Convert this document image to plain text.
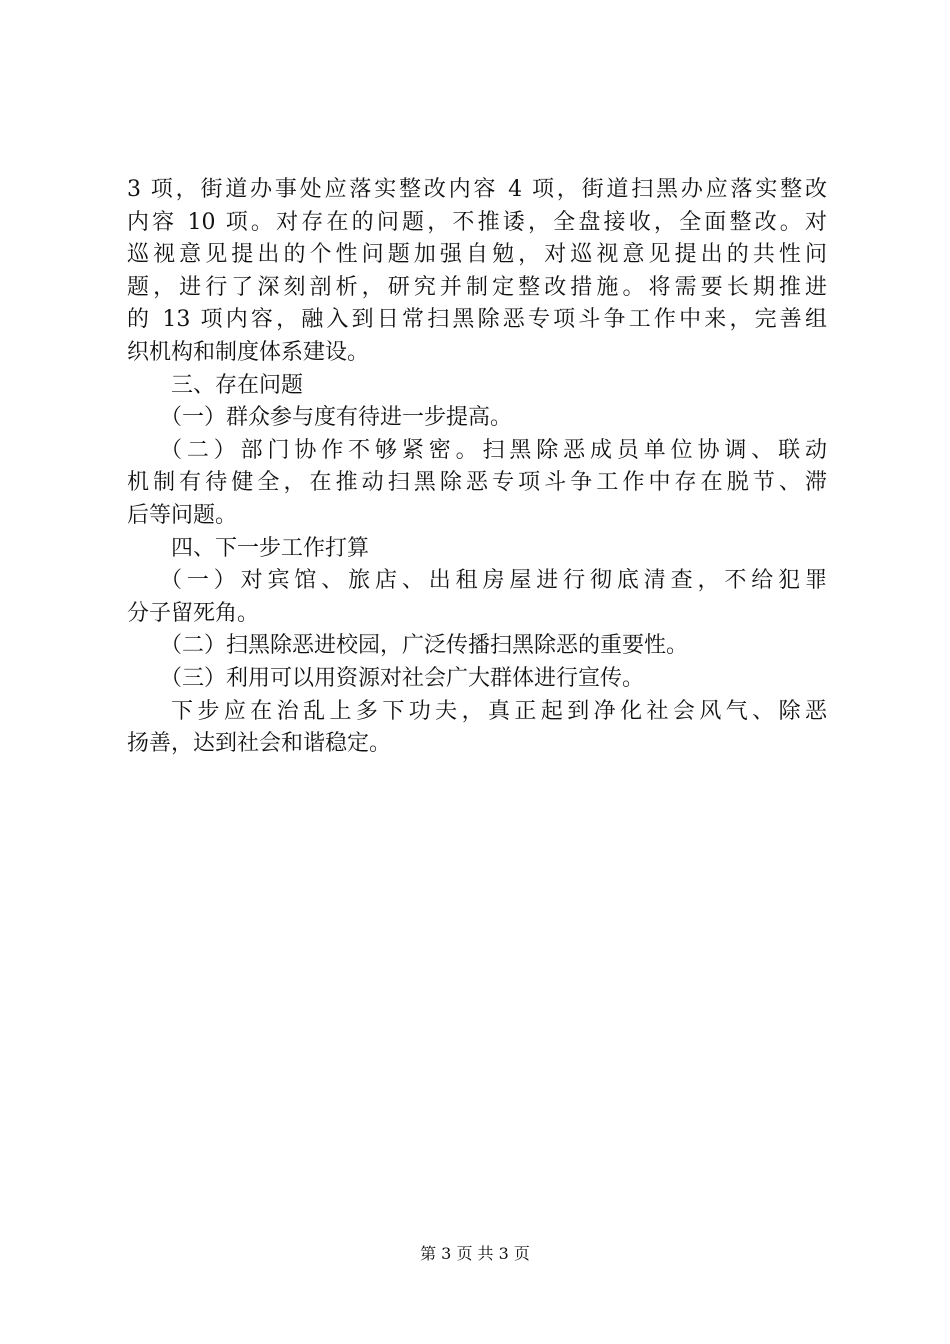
3 项，街道办事处应落实整改内容 4 项，街道扫黑办应落实整改
内容 10 项。对存在的问题，不推诿，全盘接收，全面整改。对
巡视意见提出的个性问题加强自勉，对巡视意见提出的共性问
题，进行了深刻剖析，研究并制定整改措施。将需要长期推进
的 13 项内容，融入到日常扫黑除恶专项斗争工作中来，完善组
织机构和制度体系建设。
三、存在问题
（一）群众参与度有待进一步提高。
（二）部门协作不够紧密。扫黑除恶成员单位协调、联动
机制有待健全，在推动扫黑除恶专项斗争工作中存在脱节、滞
后等问题。
四、下一步工作打算
（一）对宾馆、旅店、出租房屋进行彻底清查，不给犯罪
分子留死角。
（二）扫黑除恶进校园，广泛传播扫黑除恶的重要性。
（三）利用可以用资源对社会广大群体进行宣传。
下步应在治乱上多下功夫，真正起到净化社会风气、除恶
扬善，达到社会和谐稳定。
第 3 页 共 3 页
